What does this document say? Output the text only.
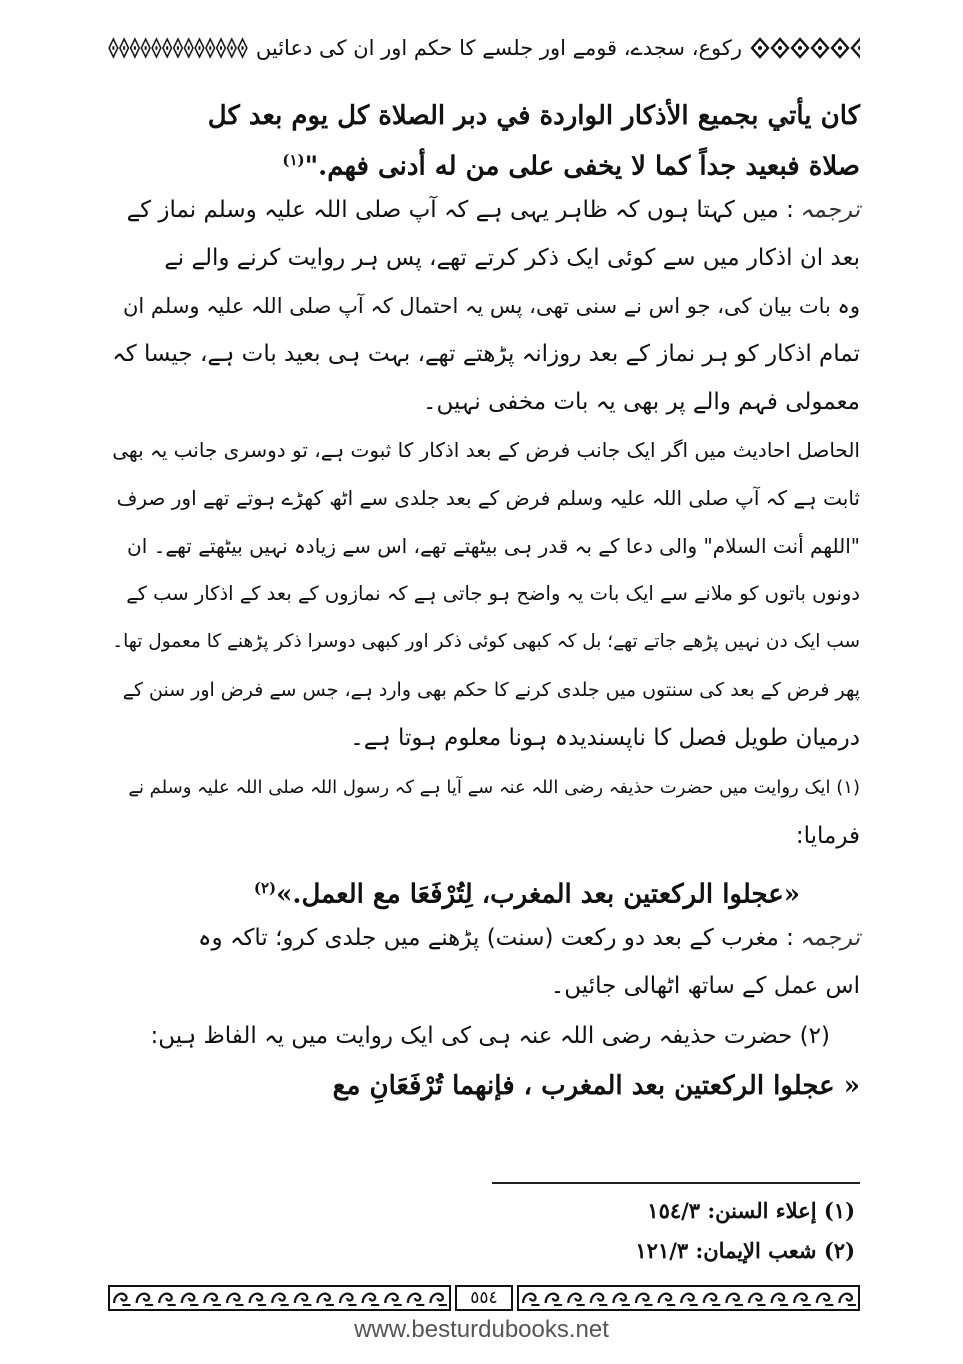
رکوع، سجدے، قومے اور جلسے کا حکم اور ان کی دعائیں
كان يأتي بجميع الأذكار الواردة في دبر الصلاة كل يوم بعد كل
صلاة فبعيد جداً كما لا يخفى على من له أدنى فهم."$^{(١)}$
ترجمہ: میں کہتا ہوں کہ ظاہر یہی ہے کہ آپ صلی اللہ علیہ وسلم نماز کے
بعد ان اذکار میں سے کوئی ایک ذکر کرتے تھے، پس ہر روایت کرنے والے نے
وہ بات بیان کی، جو اس نے سنی تھی، پس یہ احتمال کہ آپ صلی اللہ علیہ وسلم ان
تمام اذکار کو ہر نماز کے بعد روزانہ پڑھتے تھے، بہت ہی بعید بات ہے، جیسا کہ
معمولی فہم والے پر بھی یہ بات مخفی نہیں۔
الحاصل احادیث میں اگر ایک جانب فرض کے بعد اذکار کا ثبوت ہے، تو دوسری جانب یہ بھی
ثابت ہے کہ آپ صلی اللہ علیہ وسلم فرض کے بعد جلدی سے اٹھ کھڑے ہوتے تھے اور صرف
"اللهم أنت السلام" والی دعا کے بہ قدر ہی بیٹھتے تھے، اس سے زیادہ نہیں بیٹھتے تھے۔ ان
دونوں باتوں کو ملانے سے ایک بات یہ واضح ہو جاتی ہے کہ نمازوں کے بعد کے اذکار سب کے
سب ایک دن نہیں پڑھے جاتے تھے؛ بل کہ کبھی کوئی ذکر اور کبھی دوسرا ذکر پڑھنے کا معمول تھا۔
پھر فرض کے بعد کی سنتوں میں جلدی کرنے کا حکم بھی وارد ہے، جس سے فرض اور سنن کے
درمیان طویل فصل کا ناپسندیدہ ہونا معلوم ہوتا ہے۔
(١) ایک روایت میں حضرت حذیفہ رضی اللہ عنہ سے آیا ہے کہ رسول اللہ صلی اللہ علیہ وسلم نے
فرمایا:
«عجلوا الركعتين بعد المغرب، لِتُرْفَعَا مع العمل.»$^{(٢)}$
ترجمہ: مغرب کے بعد دو رکعت (سنت) پڑھنے میں جلدی کرو؛ تاکہ وہ
اس عمل کے ساتھ اٹھالی جائیں۔
(٢) حضرت حذیفہ رضی اللہ عنہ ہی کی ایک روایت میں یہ الفاظ ہیں:
« عجلوا الركعتين بعد المغرب ، فإنهما تُرْفَعَانِ مع
(١) إعلاء السنن: ١٥٤/٣
(٢) شعب الإيمان: ١٢١/٣
٥٥٤
www.besturdubooks.net
